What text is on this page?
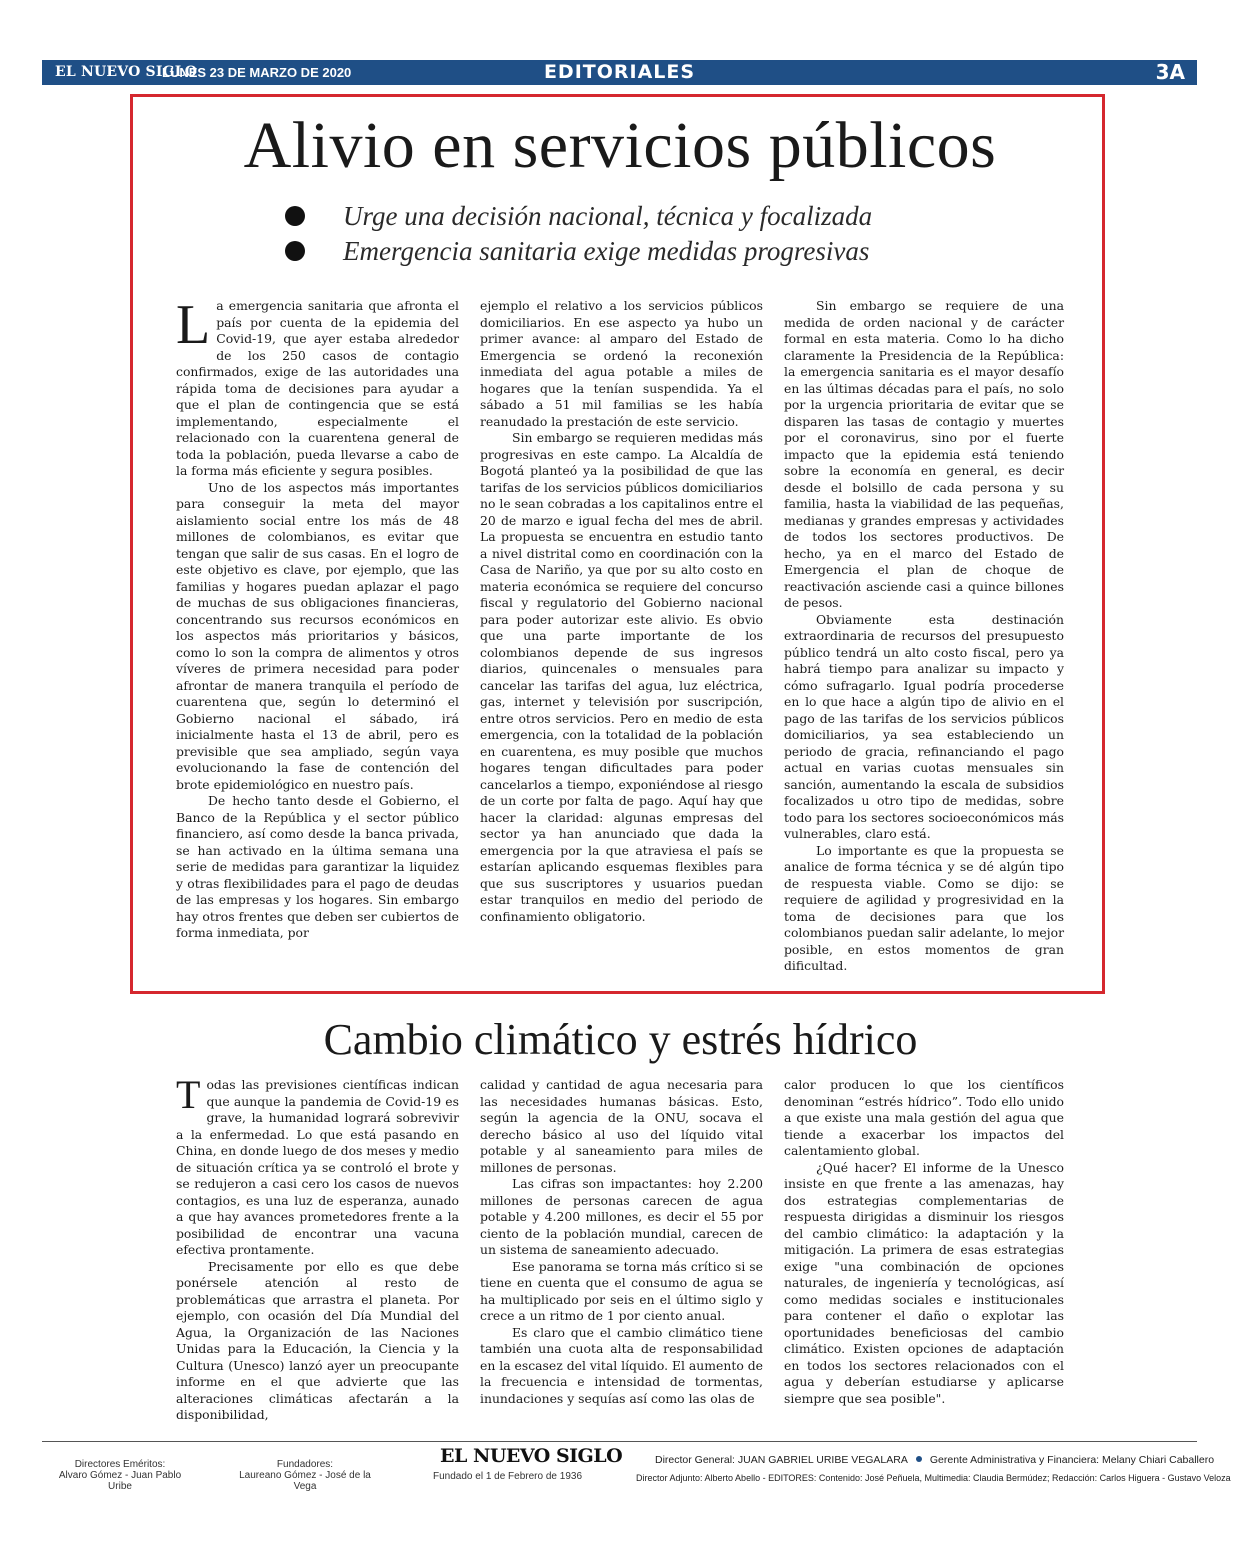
EL NUEVO SIGLO
LUNES 23 DE MARZO DE 2020	EDITORIALES	3A
Alivio en servicios públicos
Urge una decisión nacional, técnica y focalizada
Emergencia sanitaria exige medidas progresivas

La emergencia sanitaria que afronta el país por cuenta de la epidemia del Covid-19, que ayer estaba alrededor de los 250 casos de contagio confirmados, exige de las autoridades una rápida toma de decisiones para ayudar a que el plan de contingencia que se está implementando, especialmente el relacionado con la cuarentena general de toda la población, pueda llevarse a cabo de la forma más eficiente y segura posibles.

Uno de los aspectos más importantes para conseguir la meta del mayor aislamiento social entre los más de 48 millones de colombianos, es evitar que tengan que salir de sus casas. En el logro de este objetivo es clave, por ejemplo, que las familias y hogares puedan aplazar el pago de muchas de sus obligaciones financieras, concentrando sus recursos económicos en los aspectos más prioritarios y básicos, como lo son la compra de alimentos y otros víveres de primera necesidad para poder afrontar de manera tranquila el período de cuarentena que, según lo determinó el Gobierno nacional el sábado, irá inicialmente hasta el 13 de abril, pero es previsible que sea ampliado, según vaya evolucionando la fase de contención del brote epidemiológico en nuestro país.

De hecho tanto desde el Gobierno, el Banco de la República y el sector público financiero, así como desde la banca privada, se han activado en la última semana una serie de medidas para garantizar la liquidez y otras flexibilidades para el pago de deudas de las empresas y los hogares. Sin embargo hay otros frentes que deben ser cubiertos de forma inmediata, por

ejemplo el relativo a los servicios públicos domiciliarios. En ese aspecto ya hubo un primer avance: al amparo del Estado de Emergencia se ordenó la reconexión inmediata del agua potable a miles de hogares que la tenían suspendida. Ya el sábado a 51 mil familias se les había reanudado la prestación de este servicio.

Sin embargo se requieren medidas más progresivas en este campo. La Alcaldía de Bogotá planteó ya la posibilidad de que las tarifas de los servicios públicos domiciliarios no le sean cobradas a los capitalinos entre el 20 de marzo e igual fecha del mes de abril. La propuesta se encuentra en estudio tanto a nivel distrital como en coordinación con la Casa de Nariño, ya que por su alto costo en materia económica se requiere del concurso fiscal y regulatorio del Gobierno nacional para poder autorizar este alivio. Es obvio que una parte importante de los colombianos depende de sus ingresos diarios, quincenales o mensuales para cancelar las tarifas del agua, luz eléctrica, gas, internet y televisión por suscripción, entre otros servicios. Pero en medio de esta emergencia, con la totalidad de la población en cuarentena, es muy posible que muchos hogares tengan dificultades para poder cancelarlos a tiempo, exponiéndose al riesgo de un corte por falta de pago. Aquí hay que hacer la claridad: algunas empresas del sector ya han anunciado que dada la emergencia por la que atraviesa el país se estarían aplicando esquemas flexibles para que sus suscriptores y usuarios puedan estar tranquilos en medio del periodo de confinamiento obligatorio.

Sin embargo se requiere de una medida de orden nacional y de carácter formal en esta materia. Como lo ha dicho claramente la Presidencia de la República: la emergencia sanitaria es el mayor desafío en las últimas décadas para el país, no solo por la urgencia prioritaria de evitar que se disparen las tasas de contagio y muertes por el coronavirus, sino por el fuerte impacto que la epidemia está teniendo sobre la economía en general, es decir desde el bolsillo de cada persona y su familia, hasta la viabilidad de las pequeñas, medianas y grandes empresas y actividades de todos los sectores productivos. De hecho, ya en el marco del Estado de Emergencia el plan de choque de reactivación asciende casi a quince billones de pesos.

Obviamente esta destinación extraordinaria de recursos del presupuesto público tendrá un alto costo fiscal, pero ya habrá tiempo para analizar su impacto y cómo sufragarlo. Igual podría procederse en lo que hace a algún tipo de alivio en el pago de las tarifas de los servicios públicos domiciliarios, ya sea estableciendo un periodo de gracia, refinanciando el pago actual en varias cuotas mensuales sin sanción, aumentando la escala de subsidios focalizados u otro tipo de medidas, sobre todo para los sectores socioeconómicos más vulnerables, claro está.

Lo importante es que la propuesta se analice de forma técnica y se dé algún tipo de respuesta viable. Como se dijo: se requiere de agilidad y progresividad en la toma de decisiones para que los colombianos puedan salir adelante, lo mejor posible, en estos momentos de gran dificultad.

Cambio climático y estrés hídrico

Todas las previsiones científicas indican que aunque la pandemia de Covid-19 es grave, la humanidad logrará sobrevivir a la enfermedad. Lo que está pasando en China, en donde luego de dos meses y medio de situación crítica ya se controló el brote y se redujeron a casi cero los casos de nuevos contagios, es una luz de esperanza, aunado a que hay avances prometedores frente a la posibilidad de encontrar una vacuna efectiva prontamente.

Precisamente por ello es que debe ponérsele atención al resto de problemáticas que arrastra el planeta. Por ejemplo, con ocasión del Día Mundial del Agua, la Organización de las Naciones Unidas para la Educación, la Ciencia y la Cultura (Unesco) lanzó ayer un preocupante informe en el que advierte que las alteraciones climáticas afectarán a la disponibilidad,

calidad y cantidad de agua necesaria para las necesidades humanas básicas. Esto, según la agencia de la ONU, socava el derecho básico al uso del líquido vital potable y al saneamiento para miles de millones de personas.

Las cifras son impactantes: hoy 2.200 millones de personas carecen de agua potable y 4.200 millones, es decir el 55 por ciento de la población mundial, carecen de un sistema de saneamiento adecuado.

Ese panorama se torna más crítico si se tiene en cuenta que el consumo de agua se ha multiplicado por seis en el último siglo y crece a un ritmo de 1 por ciento anual.

Es claro que el cambio climático tiene también una cuota alta de responsabilidad en la escasez del vital líquido. El aumento de la frecuencia e intensidad de tormentas, inundaciones y sequías así como las olas de

calor producen lo que los científicos denominan “estrés hídrico”. Todo ello unido a que existe una mala gestión del agua que tiende a exacerbar los impactos del calentamiento global.

¿Qué hacer? El informe de la Unesco insiste en que frente a las amenazas, hay dos estrategias complementarias de respuesta dirigidas a disminuir los riesgos del cambio climático: la adaptación y la mitigación. La primera de esas estrategias exige "una combinación de opciones naturales, de ingeniería y tecnológicas, así como medidas sociales e institucionales para contener el daño o explotar las oportunidades beneficiosas del cambio climático. Existen opciones de adaptación en todos los sectores relacionados con el agua y deberían estudiarse y aplicarse siempre que sea posible".

Directores Eméritos:
Alvaro Gómez - Juan Pablo Uribe
Fundadores:
Laureano Gómez - José de la Vega
EL NUEVO SIGLO
Fundado el 1 de Febrero de 1936
Director General: JUAN GABRIEL URIBE VEGALARA Gerente Administrativa y Financiera: Melany Chiari Caballero
Director Adjunto: Alberto Abello - EDITORES: Contenido: José Peñuela, Multimedia: Claudia Bermúdez; Redacción: Carlos Higuera - Gustavo Veloza
